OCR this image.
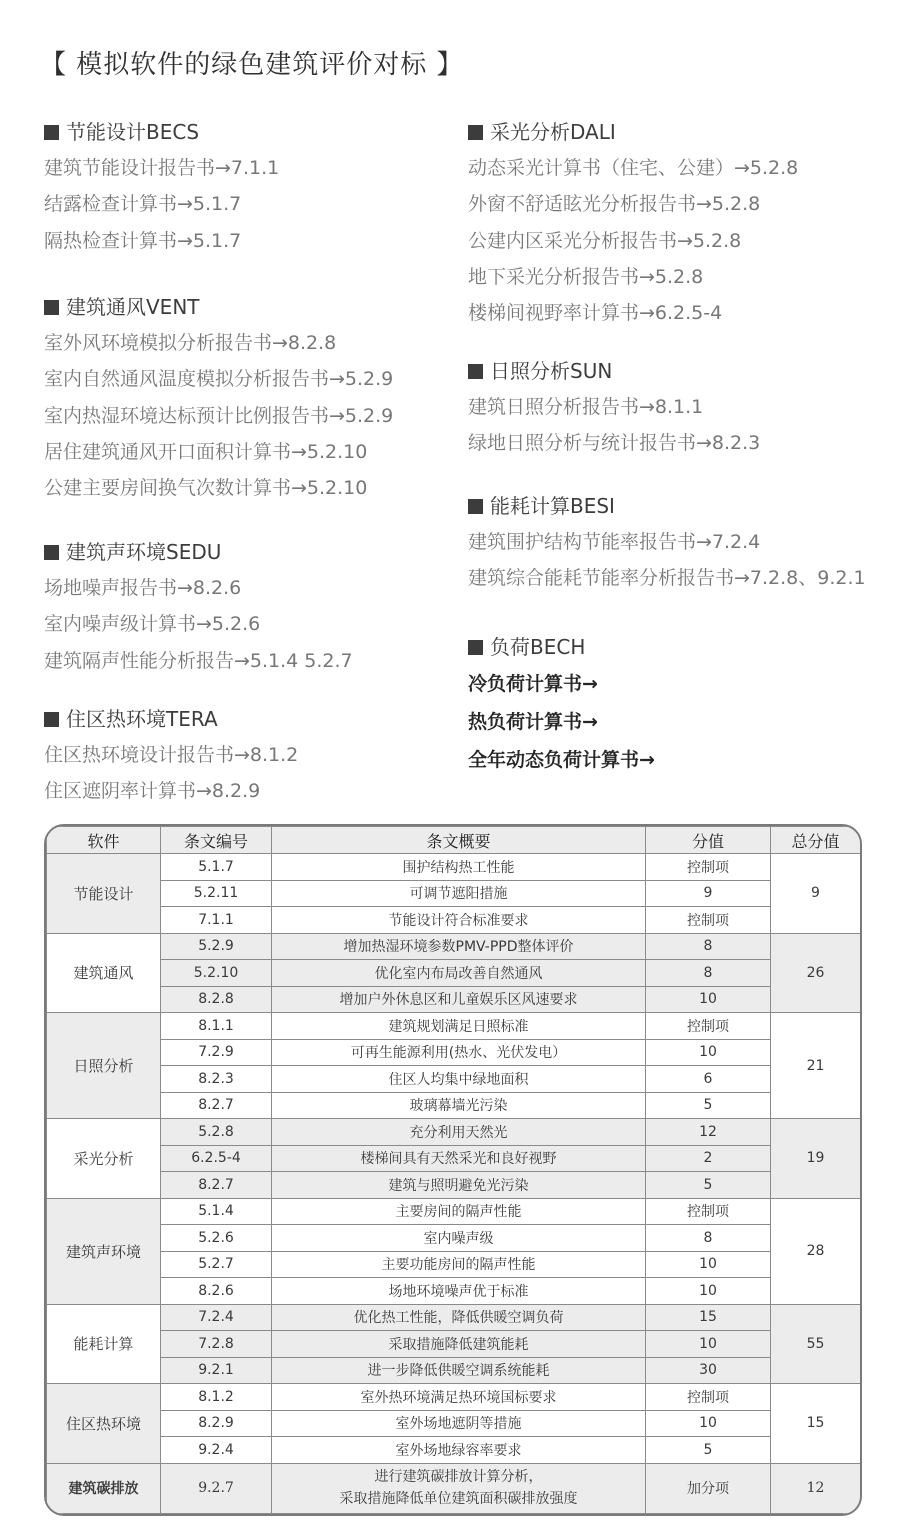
【 模拟软件的绿色建筑评价对标 】
节能设计BECS
建筑节能设计报告书→7.1.1
结露检查计算书→5.1.7
隔热检查计算书→5.1.7
建筑通风VENT
室外风环境模拟分析报告书→8.2.8
室内自然通风温度模拟分析报告书→5.2.9
室内热湿环境达标预计比例报告书→5.2.9
居住建筑通风开口面积计算书→5.2.10
公建主要房间换气次数计算书→5.2.10
建筑声环境SEDU
场地噪声报告书→8.2.6
室内噪声级计算书→5.2.6
建筑隔声性能分析报告→5.1.4 5.2.7
住区热环境TERA
住区热环境设计报告书→8.1.2
住区遮阴率计算书→8.2.9
采光分析DALI
动态采光计算书（住宅、公建）→5.2.8
外窗不舒适眩光分析报告书→5.2.8
公建内区采光分析报告书→5.2.8
地下采光分析报告书→5.2.8
楼梯间视野率计算书→6.2.5-4
日照分析SUN
建筑日照分析报告书→8.1.1
绿地日照分析与统计报告书→8.2.3
能耗计算BESI
建筑围护结构节能率报告书→7.2.4
建筑综合能耗节能率分析报告书→7.2.8、9.2.1
负荷BECH
冷负荷计算书→
热负荷计算书→
全年动态负荷计算书→
软件	条文编号	条文概要	分值	总分值
节能设计	5.1.7	围护结构热工性能	控制项	9
	5.2.11	可调节遮阳措施	9	
	7.1.1	节能设计符合标准要求	控制项	
建筑通风	5.2.9	增加热湿环境参数PMV-PPD整体评价	8	26
	5.2.10	优化室内布局改善自然通风	8	
	8.2.8	增加户外休息区和儿童娱乐区风速要求	10	
日照分析	8.1.1	建筑规划满足日照标准	控制项	21
	7.2.9	可再生能源利用(热水、光伏发电）	10	
	8.2.3	住区人均集中绿地面积	6	
	8.2.7	玻璃幕墙光污染	5	
采光分析	5.2.8	充分利用天然光	12	19
	6.2.5-4	楼梯间具有天然采光和良好视野	2	
	8.2.7	建筑与照明避免光污染	5	
建筑声环境	5.1.4	主要房间的隔声性能	控制项	28
	5.2.6	室内噪声级	8	
	5.2.7	主要功能房间的隔声性能	10	
	8.2.6	场地环境噪声优于标准	10	
能耗计算	7.2.4	优化热工性能，降低供暖空调负荷	15	55
	7.2.8	采取措施降低建筑能耗	10	
	9.2.1	进一步降低供暖空调系统能耗	30	
住区热环境	8.1.2	室外热环境满足热环境国标要求	控制项	15
	8.2.9	室外场地遮阴等措施	10	
	9.2.4	室外场地绿容率要求	5	
建筑碳排放	9.2.7	进行建筑碳排放计算分析，
采取措施降低单位建筑面积碳排放强度	加分项	12
